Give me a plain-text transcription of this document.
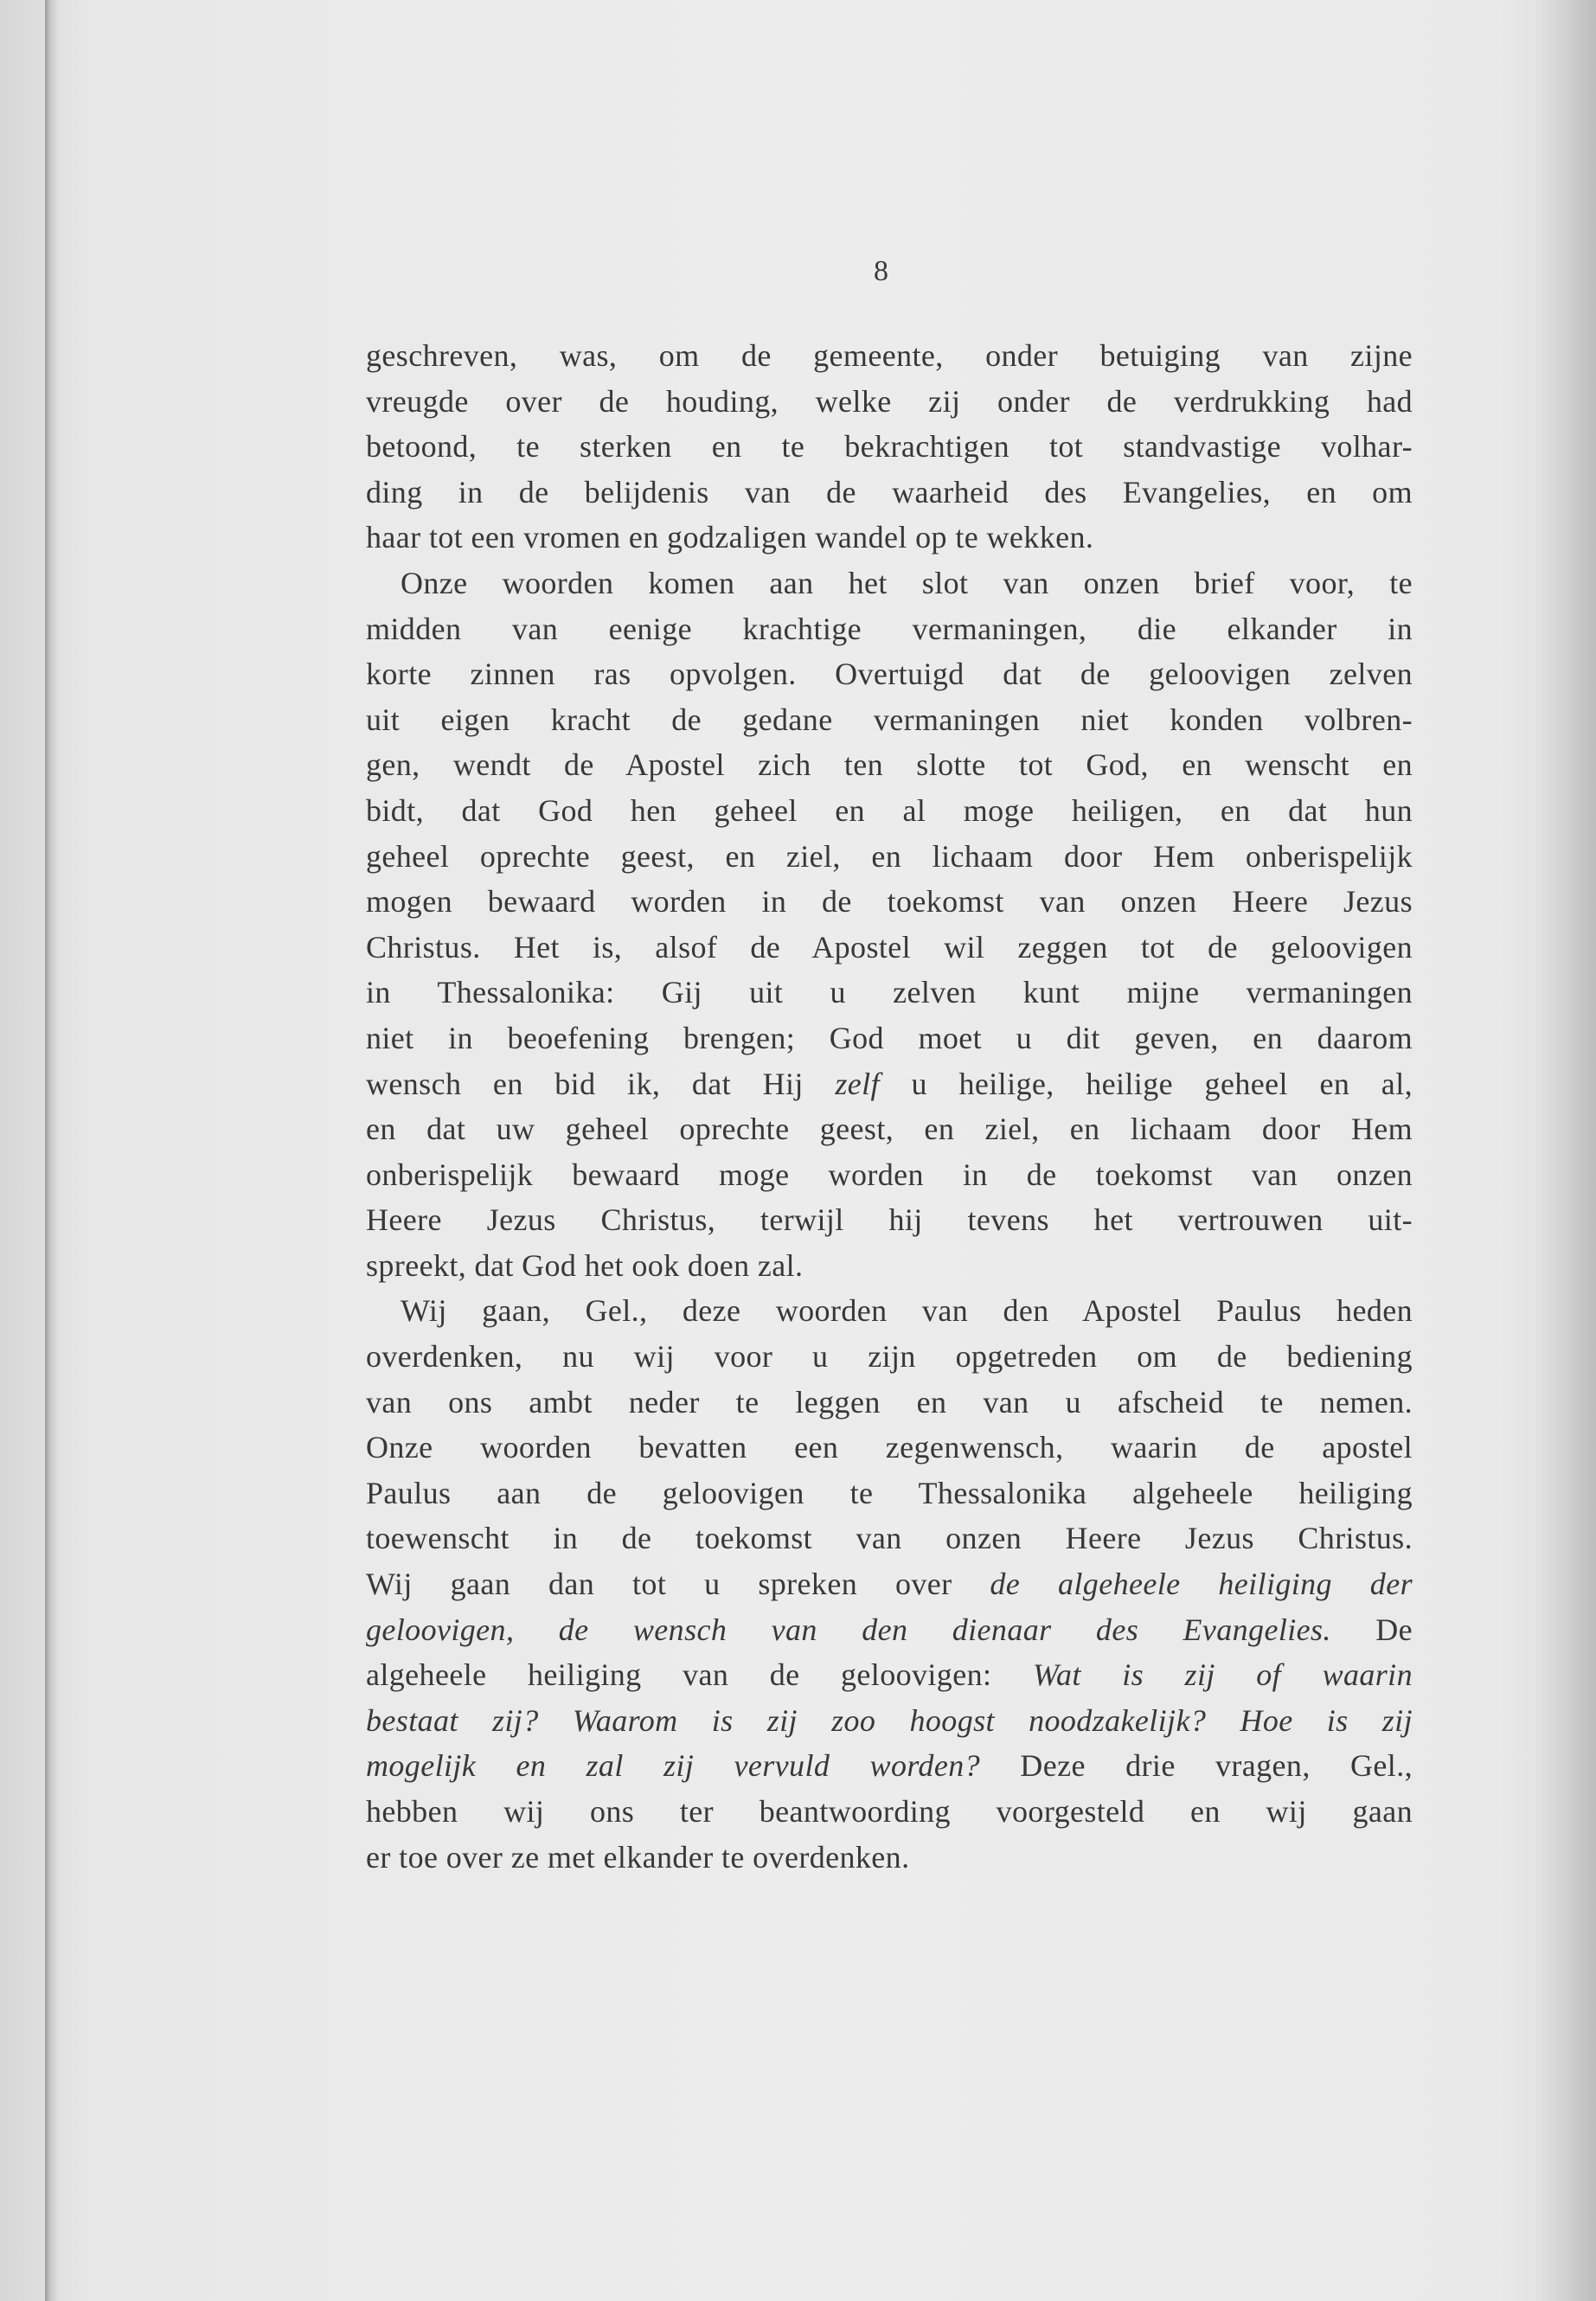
8
geschreven, was, om de gemeente, onder betuiging van zijne
vreugde over de houding, welke zij onder de verdrukking had
betoond, te sterken en te bekrachtigen tot standvastige volhar-
ding in de belijdenis van de waarheid des Evangelies, en om
haar tot een vromen en godzaligen wandel op te wekken.
Onze woorden komen aan het slot van onzen brief voor, te
midden van eenige krachtige vermaningen, die elkander in
korte zinnen ras opvolgen. Overtuigd dat de geloovigen zelven
uit eigen kracht de gedane vermaningen niet konden volbren-
gen, wendt de Apostel zich ten slotte tot God, en wenscht en
bidt, dat God hen geheel en al moge heiligen, en dat hun
geheel oprechte geest, en ziel, en lichaam door Hem onberispelijk
mogen bewaard worden in de toekomst van onzen Heere Jezus
Christus. Het is, alsof de Apostel wil zeggen tot de geloovigen
in Thessalonika: Gij uit u zelven kunt mijne vermaningen
niet in beoefening brengen; God moet u dit geven, en daarom
wensch en bid ik, dat Hij zelf u heilige, heilige geheel en al,
en dat uw geheel oprechte geest, en ziel, en lichaam door Hem
onberispelijk bewaard moge worden in de toekomst van onzen
Heere Jezus Christus, terwijl hij tevens het vertrouwen uit-
spreekt, dat God het ook doen zal.
Wij gaan, Gel., deze woorden van den Apostel Paulus heden
overdenken, nu wij voor u zijn opgetreden om de bediening
van ons ambt neder te leggen en van u afscheid te nemen.
Onze woorden bevatten een zegenwensch, waarin de apostel
Paulus aan de geloovigen te Thessalonika algeheele heiliging
toewenscht in de toekomst van onzen Heere Jezus Christus.
Wij gaan dan tot u spreken over de algeheele heiliging der
geloovigen, de wensch van den dienaar des Evangelies. De
algeheele heiliging van de geloovigen: Wat is zij of waarin
bestaat zij? Waarom is zij zoo hoogst noodzakelijk? Hoe is zij
mogelijk en zal zij vervuld worden? Deze drie vragen, Gel.,
hebben wij ons ter beantwoording voorgesteld en wij gaan
er toe over ze met elkander te overdenken.
